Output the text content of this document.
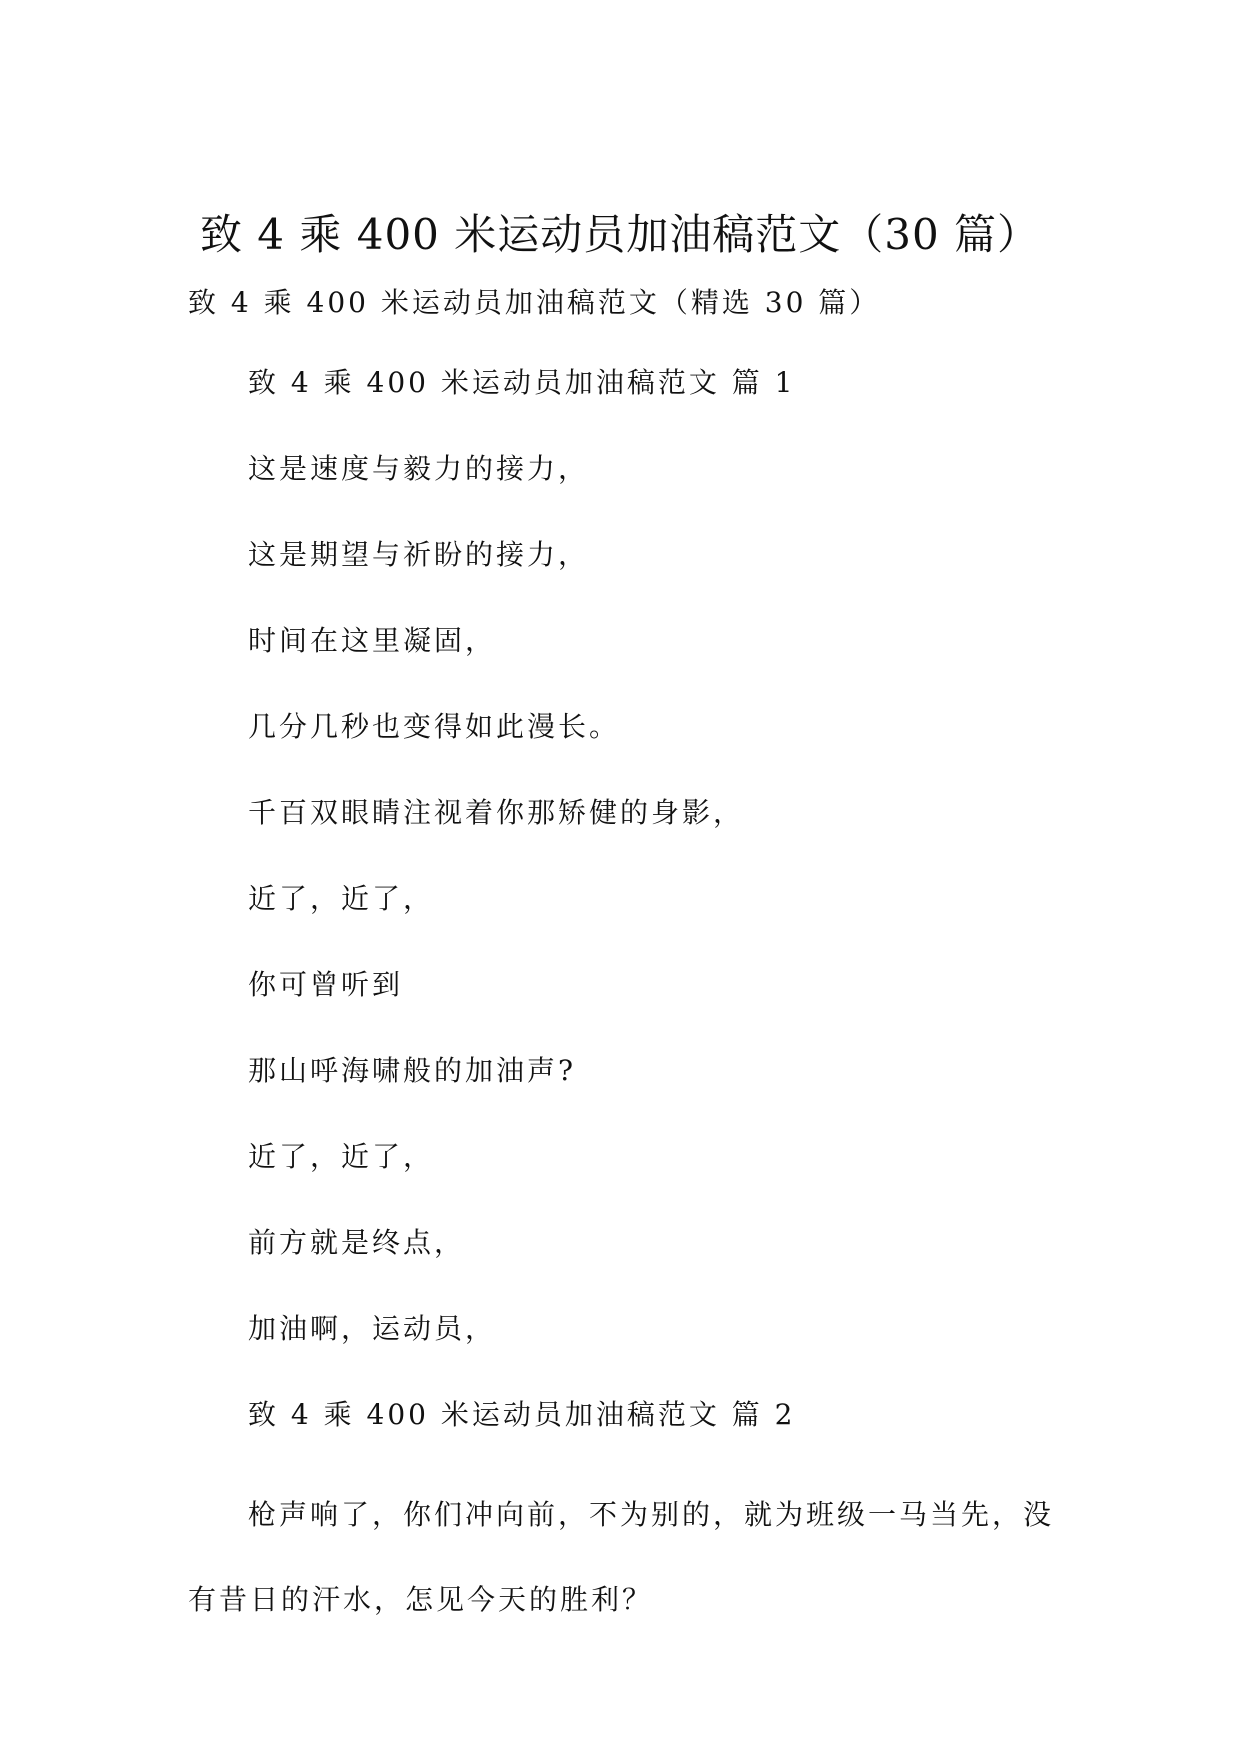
致 4 乘 400 米运动员加油稿范文（30 篇）
致 4 乘 400 米运动员加油稿范文（精选 30 篇）
致 4 乘 400 米运动员加油稿范文 篇 1
这是速度与毅力的接力，
这是期望与祈盼的接力，
时间在这里凝固，
几分几秒也变得如此漫长。
千百双眼睛注视着你那矫健的身影，
近了，近了，
你可曾听到
那山呼海啸般的加油声?
近了，近了，
前方就是终点，
加油啊，运动员，
致 4 乘 400 米运动员加油稿范文 篇 2
枪声响了，你们冲向前，不为别的，就为班级一马当先，没有昔日的汗水，怎见今天的胜利？
